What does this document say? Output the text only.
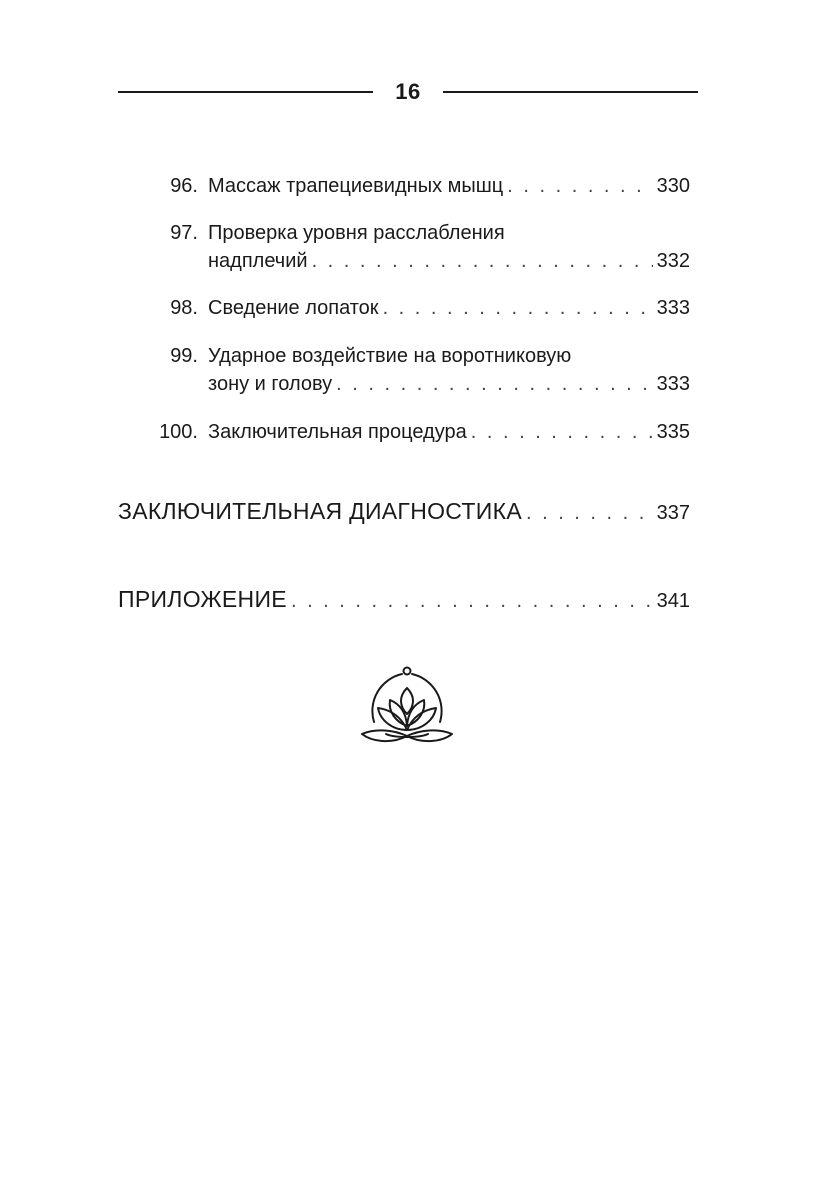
16
96. Массаж трапециевидных мышц . . .	330
97. Проверка уровня расслабления
надплечий . . .	332
98. Сведение лопаток . . .	333
99. Ударное воздействие на воротниковую
зону и голову . . .	333
100. Заключительная процедура . . .	335
ЗАКЛЮЧИТЕЛЬНАЯ ДИАГНОСТИКА . . .	337
ПРИЛОЖЕНИЕ . . .	341
